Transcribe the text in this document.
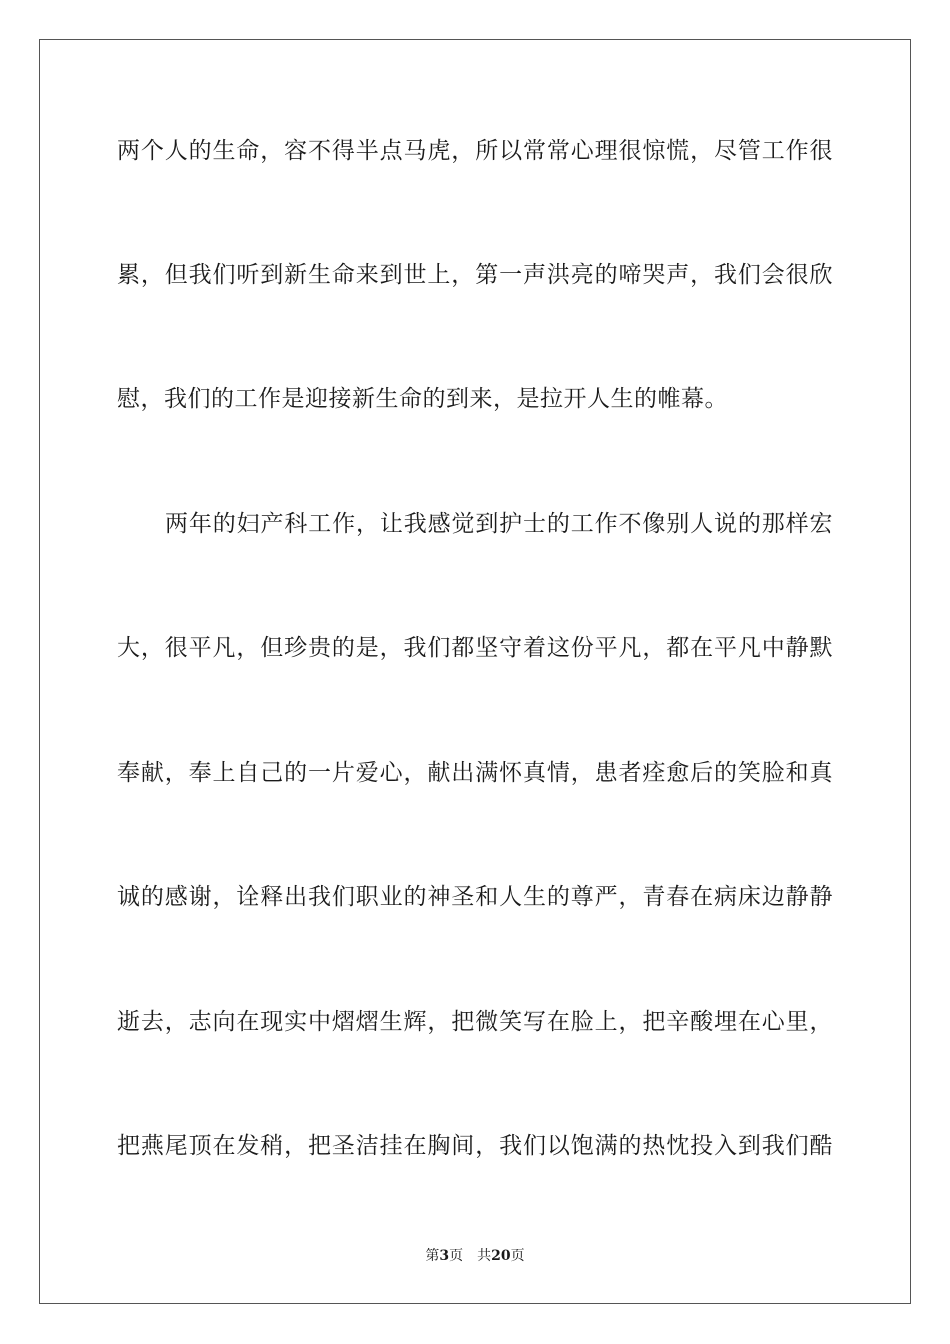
两个人的生命，容不得半点马虎，所以常常心理很惊慌，尽管工作很
累，但我们听到新生命来到世上，第一声洪亮的啼哭声，我们会很欣
慰，我们的工作是迎接新生命的到来，是拉开人生的帷幕。
两年的妇产科工作，让我感觉到护士的工作不像别人说的那样宏
大，很平凡，但珍贵的是，我们都坚守着这份平凡，都在平凡中静默
奉献，奉上自己的一片爱心，献出满怀真情，患者痊愈后的笑脸和真
诚的感谢，诠释出我们职业的神圣和人生的尊严，青春在病床边静静
逝去，志向在现实中熠熠生辉，把微笑写在脸上，把辛酸埋在心里，
把燕尾顶在发稍，把圣洁挂在胸间，我们以饱满的热忱投入到我们酷
第3页 共20页
